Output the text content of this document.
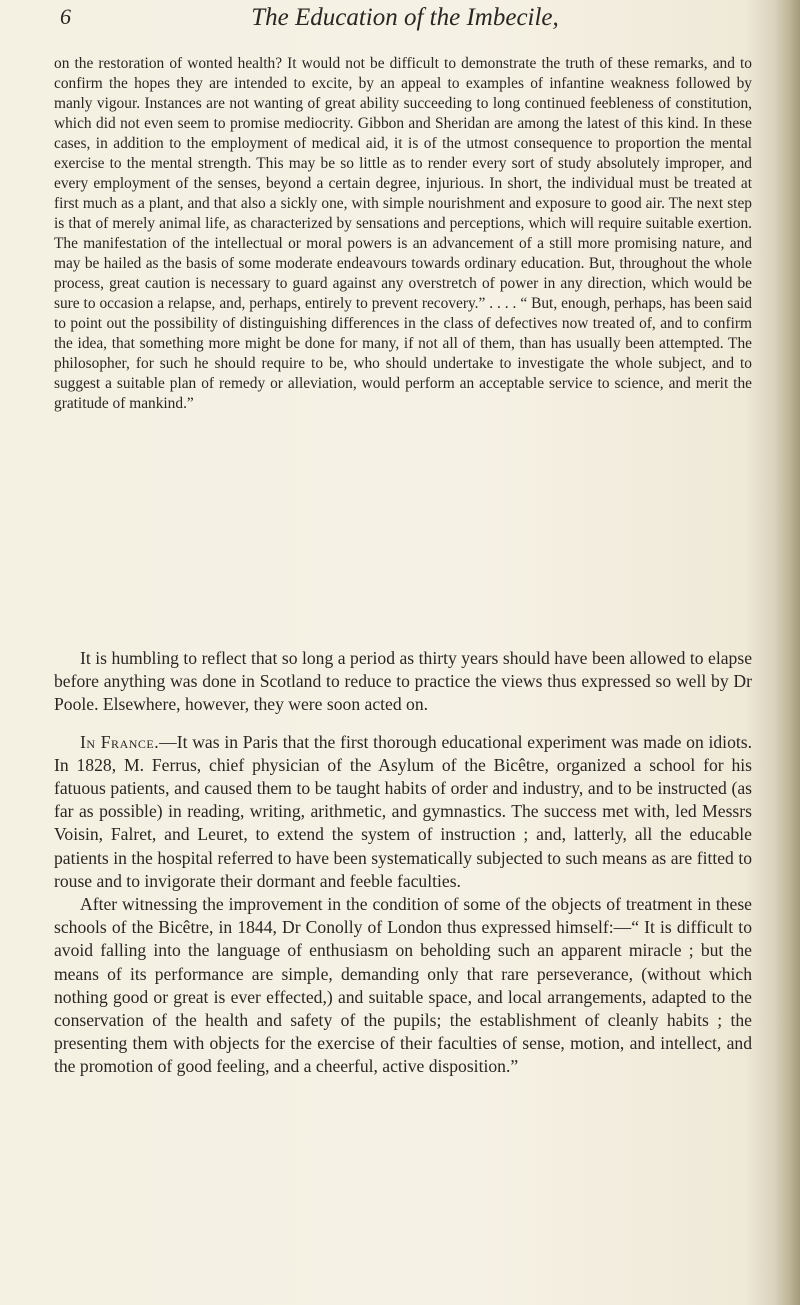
6	The Education of the Imbecile,

on the restoration of wonted health? It would not be difficult to demonstrate the truth of these remarks, and to confirm the hopes they are intended to excite, by an appeal to examples of infantine weakness followed by manly vigour. Instances are not wanting of great ability succeeding to long continued feebleness of constitution, which did not even seem to promise mediocrity. Gibbon and Sheridan are among the latest of this kind. In these cases, in addition to the employment of medical aid, it is of the utmost consequence to proportion the mental exercise to the mental strength. This may be so little as to render every sort of study absolutely improper, and every employment of the senses, beyond a certain degree, injurious. In short, the individual must be treated at first much as a plant, and that also a sickly one, with simple nourishment and exposure to good air. The next step is that of merely animal life, as characterized by sensations and perceptions, which will require suitable exertion. The manifestation of the intellectual or moral powers is an advancement of a still more promising nature, and may be hailed as the basis of some moderate endeavours towards ordinary education. But, throughout the whole process, great caution is necessary to guard against any overstretch of power in any direction, which would be sure to occasion a relapse, and, perhaps, entirely to prevent recovery.” . . . . “ But, enough, perhaps, has been said to point out the possibility of distinguishing differences in the class of defectives now treated of, and to confirm the idea, that something more might be done for many, if not all of them, than has usually been attempted. The philosopher, for such he should require to be, who should undertake to investigate the whole subject, and to suggest a suitable plan of remedy or alleviation, would perform an acceptable service to science, and merit the gratitude of mankind.”

It is humbling to reflect that so long a period as thirty years should have been allowed to elapse before anything was done in Scotland to reduce to practice the views thus expressed so well by Dr Poole. Elsewhere, however, they were soon acted on.

In France.—It was in Paris that the first thorough educational experiment was made on idiots. In 1828, M. Ferrus, chief physician of the Asylum of the Bicêtre, organized a school for his fatuous patients, and caused them to be taught habits of order and industry, and to be instructed (as far as possible) in reading, writing, arithmetic, and gymnastics. The success met with, led Messrs Voisin, Falret, and Leuret, to extend the system of instruction ; and, latterly, all the educable patients in the hospital referred to have been systematically subjected to such means as are fitted to rouse and to invigorate their dormant and feeble faculties.

After witnessing the improvement in the condition of some of the objects of treatment in these schools of the Bicêtre, in 1844, Dr Conolly of London thus expressed himself:—“ It is difficult to avoid falling into the language of enthusiasm on beholding such an apparent miracle ; but the means of its performance are simple, demanding only that rare perseverance, (without which nothing good or great is ever effected,) and suitable space, and local arrangements, adapted to the conservation of the health and safety of the pupils; the establishment of cleanly habits ; the presenting them with objects for the exercise of their faculties of sense, motion, and intellect, and the promotion of good feeling, and a cheerful, active disposition.”
